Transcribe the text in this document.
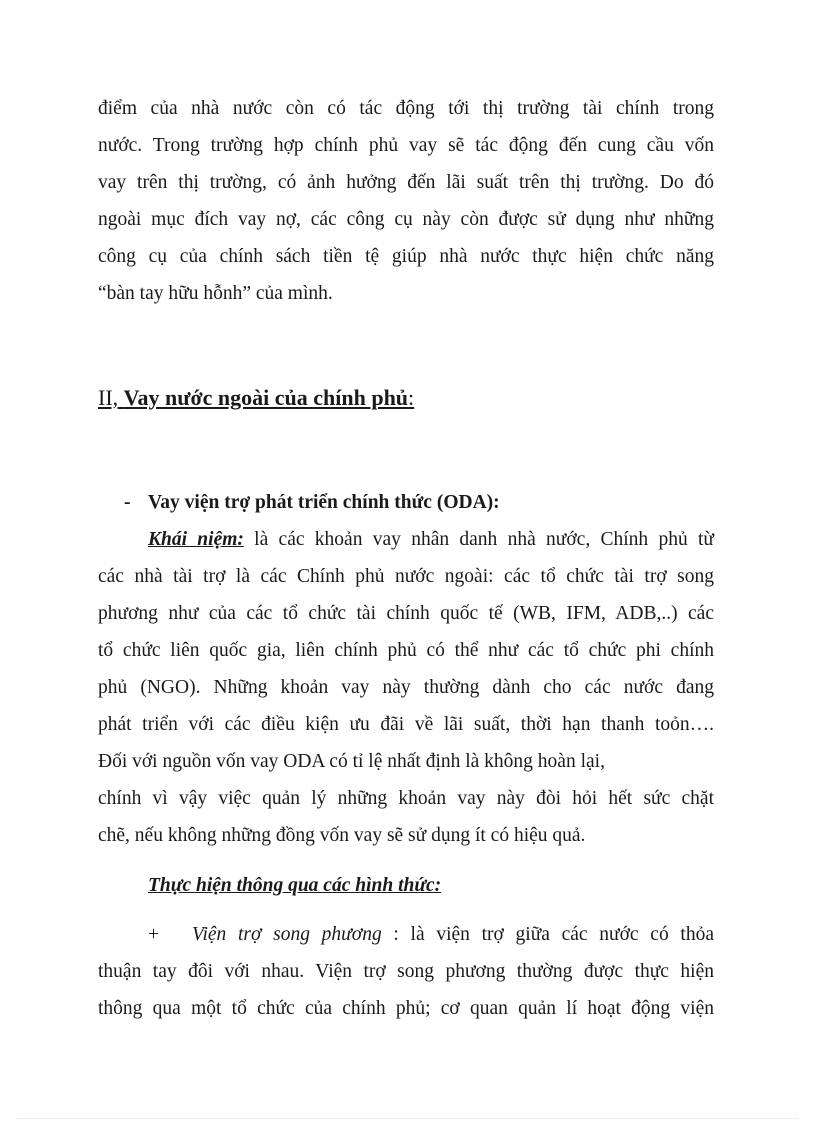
điểm của nhà nước còn có tác động tới thị trường tài chính trong
nước. Trong trường hợp chính phủ vay sẽ tác động đến cung cầu vốn
vay trên thị trường, có ảnh hưởng đến lãi suất trên thị trường. Do đó
ngoài mục đích vay nợ, các công cụ này còn được sử dụng như những
công cụ của chính sách tiền tệ giúp nhà nước thực hiện chức năng
“bàn tay hữu hỗnh” của mình.
II, Vay nước ngoài của chính phủ:
- Vay viện trợ phát triển chính thức (ODA):
Khái niệm: là các khoản vay nhân danh nhà nước, Chính phủ từ
các nhà tài trợ là các Chính phủ nước ngoài: các tổ chức tài trợ song
phương như của các tổ chức tài chính quốc tế (WB, IFM, ADB,..) các
tổ chức liên quốc gia, liên chính phủ có thể như các tổ chức phi chính
phủ (NGO). Những khoản vay này thường dành cho các nước đang
phát triển với các điều kiện ưu đãi về lãi suất, thời hạn thanh toỏn….
Đối với nguồn vốn vay ODA có tỉ lệ nhất định là không hoàn lại,
chính vì vậy việc quản lý những khoản vay này đòi hỏi hết sức chặt
chẽ, nếu không những đồng vốn vay sẽ sử dụng ít có hiệu quả.
Thực hiện thông qua các hình thức:
+ Viện trợ song phương : là viện trợ giữa các nước có thỏa
thuận tay đôi với nhau. Viện trợ song phương thường được thực hiện
thông qua một tổ chức của chính phủ; cơ quan quản lí hoạt động viện
